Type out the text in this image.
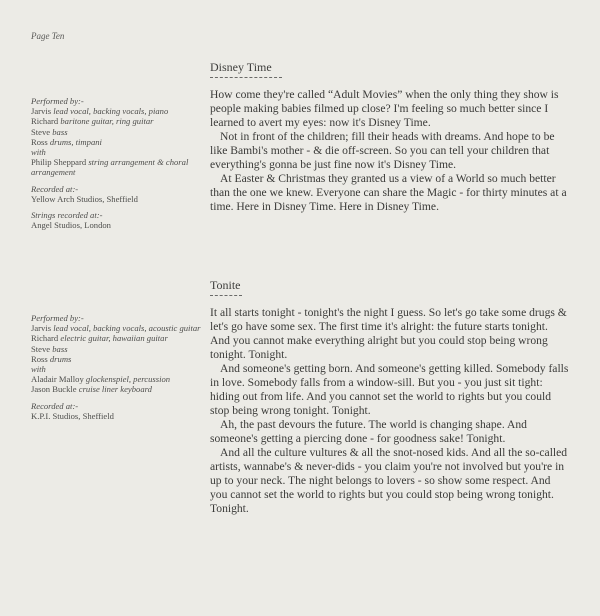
Page Ten
Performed by:-
Jarvis lead vocal, backing vocals, piano
Richard baritone guitar, ring guitar
Steve bass
Ross drums, timpani
with
Philip Sheppard string arrangement & choral arrangement
Recorded at:-
Yellow Arch Studios, Sheffield
Strings recorded at:-
Angel Studios, London
Disney Time

How come they're called “Adult Movies” when the only thing they show is people making babies filmed up close? I'm feeling so much better since I learned to avert my eyes: now it's Disney Time.

Not in front of the children; fill their heads with dreams. And hope to be like Bambi's mother - & die off-screen. So you can tell your children that everything's gonna be just fine now it's Disney Time.

At Easter & Christmas they granted us a view of a World so much better than the one we knew. Everyone can share the Magic - for thirty minutes at a time. Here in Disney Time. Here in Disney Time.

Performed by:-
Jarvis lead vocal, backing vocals, acoustic guitar
Richard electric guitar, hawaiian guitar
Steve bass
Ross drums
with
Aladair Malloy glockenspiel, percussion
Jason Buckle cruise liner keyboard
Recorded at:-
K.P.I. Studios, Sheffield
Tonite

It all starts tonight - tonight's the night I guess. So let's go take some drugs & let's go have some sex. The first time it's alright: the future starts tonight. And you cannot make everything alright but you could stop being wrong tonight. Tonight.

And someone's getting born. And someone's getting killed. Somebody falls in love. Somebody falls from a window-sill. But you - you just sit tight: hiding out from life. And you cannot set the world to rights but you could stop being wrong tonight. Tonight.

Ah, the past devours the future. The world is changing shape. And someone's getting a piercing done - for goodness sake! Tonight.

And all the culture vultures & all the snot-nosed kids. And all the so-called artists, wannabe's & never-dids - you claim you're not involved but you're in up to your neck. The night belongs to lovers - so show some respect. And you cannot set the world to rights but you could stop being wrong tonight. Tonight.
